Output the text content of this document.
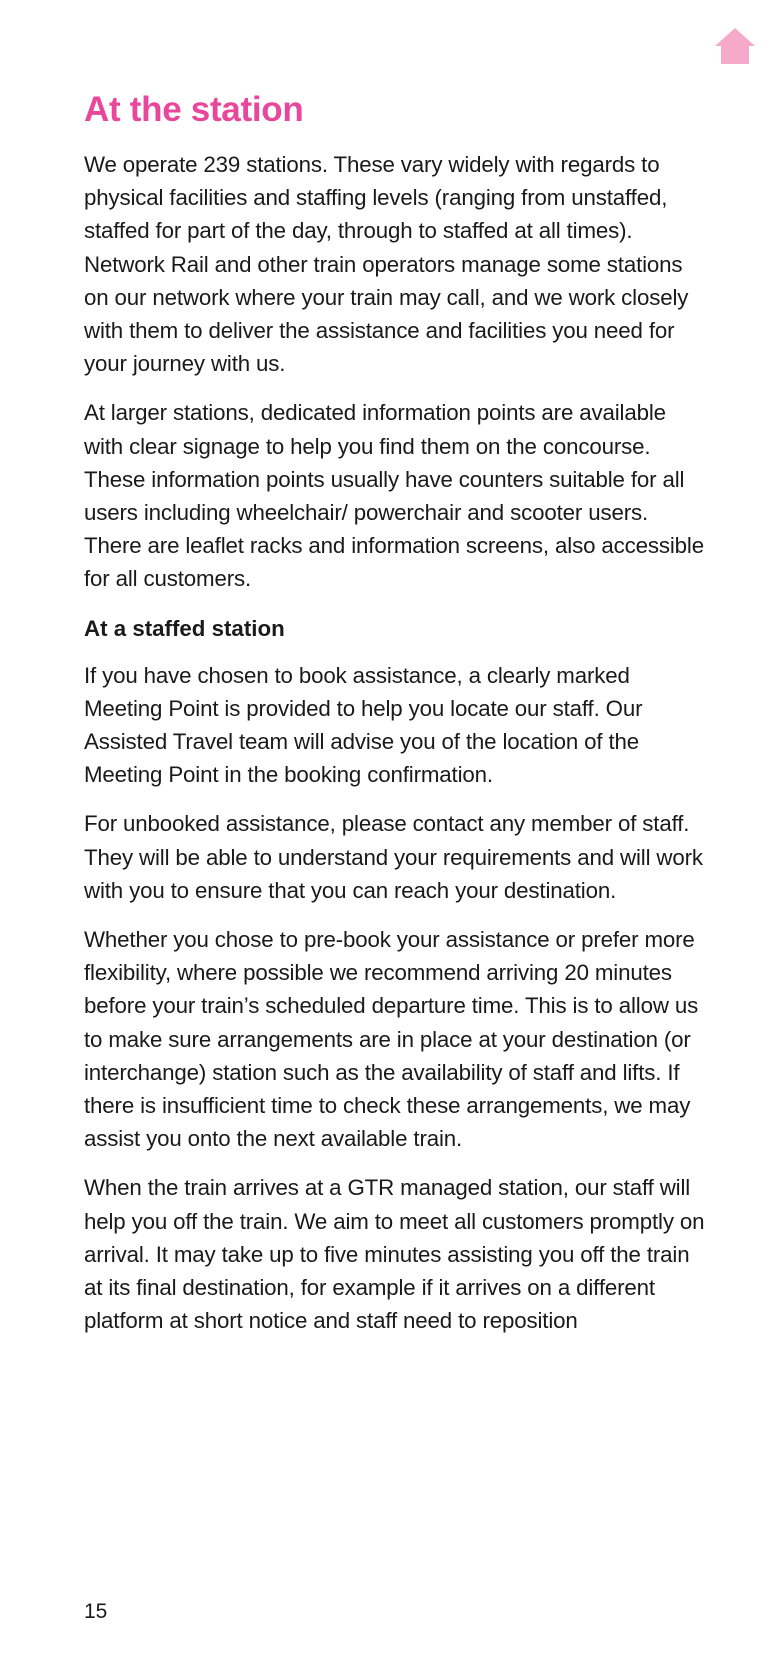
At the station

We operate 239 stations. These vary widely with regards to physical facilities and staffing levels (ranging from unstaffed, staffed for part of the day, through to staffed at all times). Network Rail and other train operators manage some stations on our network where your train may call, and we work closely with them to deliver the assistance and facilities you need for your journey with us.

At larger stations, dedicated information points are available with clear signage to help you find them on the concourse. These information points usually have counters suitable for all users including wheelchair/ powerchair and scooter users. There are leaflet racks and information screens, also accessible for all customers.

At a staffed station

If you have chosen to book assistance, a clearly marked Meeting Point is provided to help you locate our staff. Our Assisted Travel team will advise you of the location of the Meeting Point in the booking confirmation.

For unbooked assistance, please contact any member of staff. They will be able to understand your requirements and will work with you to ensure that you can reach your destination.

Whether you chose to pre-book your assistance or prefer more flexibility, where possible we recommend arriving 20 minutes before your train’s scheduled departure time. This is to allow us to make sure arrangements are in place at your destination (or interchange) station such as the availability of staff and lifts. If there is insufficient time to check these arrangements, we may assist you onto the next available train.

When the train arrives at a GTR managed station, our staff will help you off the train. We aim to meet all customers promptly on arrival. It may take up to five minutes assisting you off the train at its final destination, for example if it arrives on a different platform at short notice and staff need to reposition

15
